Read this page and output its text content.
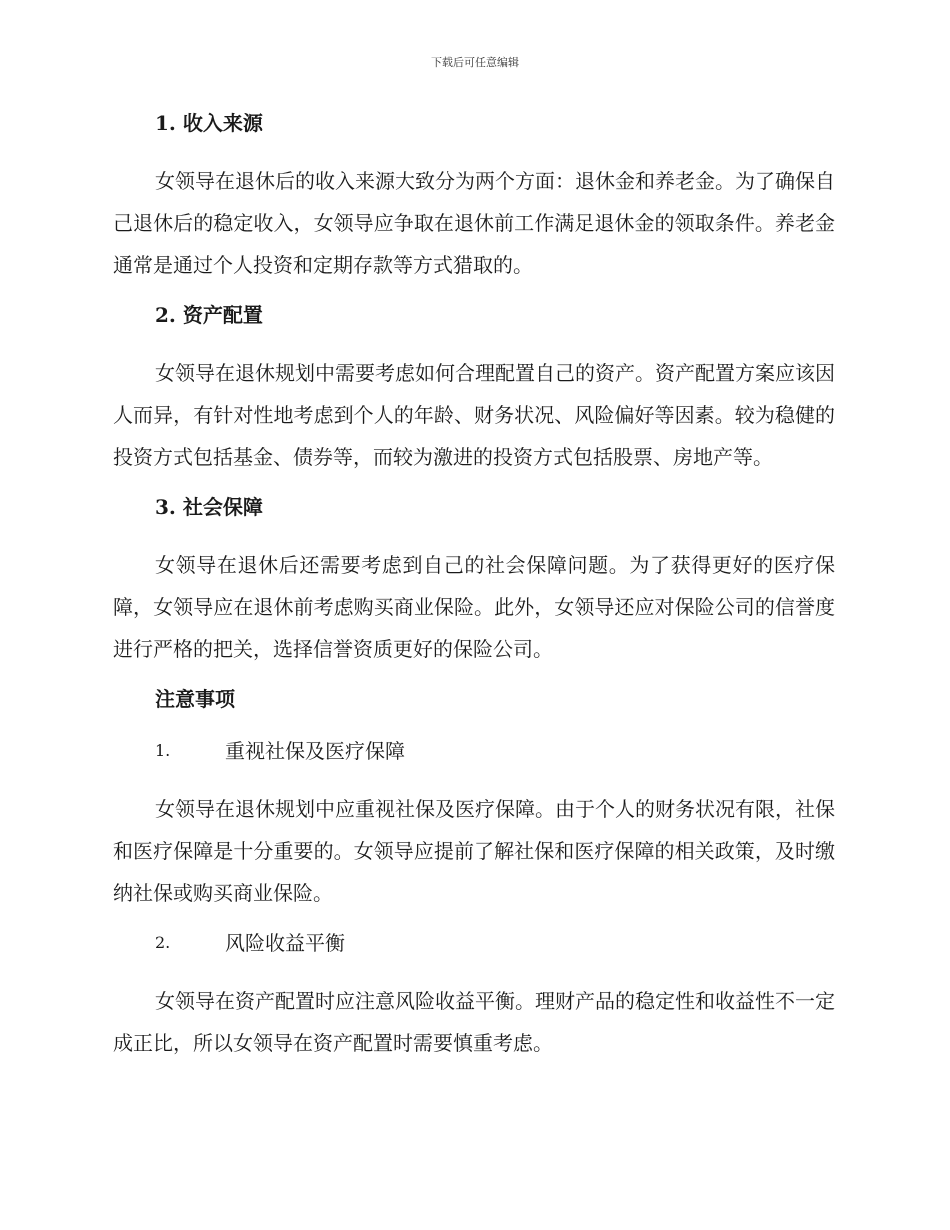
下载后可任意编辑
1. 收入来源

女领导在退休后的收入来源大致分为两个方面：退休金和养老金。为了确保自己退休后的稳定收入，女领导应争取在退休前工作满足退休金的领取条件。养老金通常是通过个人投资和定期存款等方式猎取的。

2. 资产配置

女领导在退休规划中需要考虑如何合理配置自己的资产。资产配置方案应该因人而异，有针对性地考虑到个人的年龄、财务状况、风险偏好等因素。较为稳健的投资方式包括基金、债券等，而较为激进的投资方式包括股票、房地产等。

3. 社会保障

女领导在退休后还需要考虑到自己的社会保障问题。为了获得更好的医疗保障，女领导应在退休前考虑购买商业保险。此外，女领导还应对保险公司的信誉度进行严格的把关，选择信誉资质更好的保险公司。

注意事项
1.	重视社保及医疗保障

女领导在退休规划中应重视社保及医疗保障。由于个人的财务状况有限，社保和医疗保障是十分重要的。女领导应提前了解社保和医疗保障的相关政策，及时缴纳社保或购买商业保险。

2.	风险收益平衡

女领导在资产配置时应注意风险收益平衡。理财产品的稳定性和收益性不一定成正比，所以女领导在资产配置时需要慎重考虑。
